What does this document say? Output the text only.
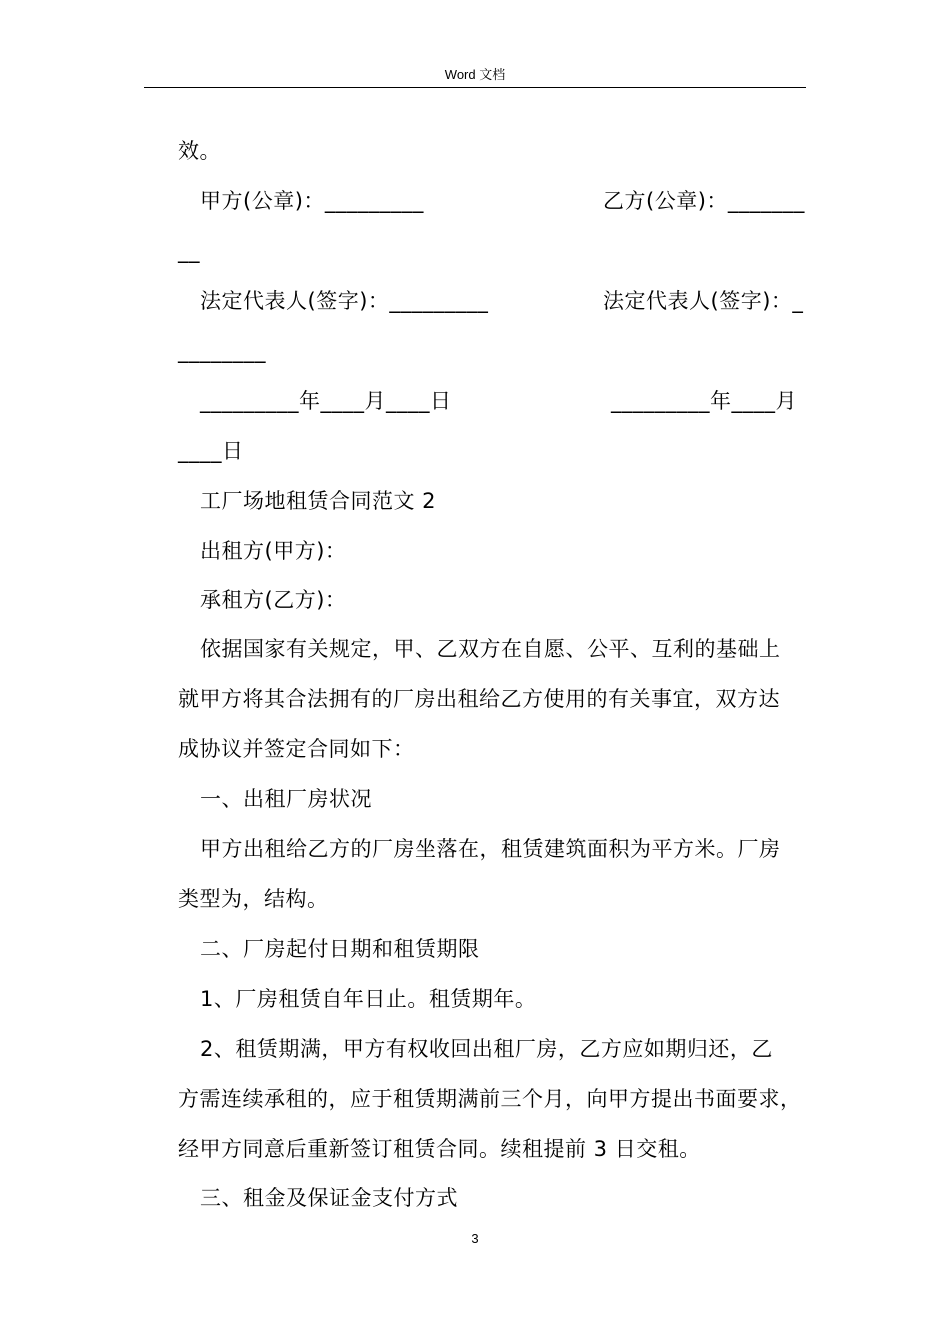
Word 文档
效。
甲方(公章)：_________	乙方(公章)：_______
__
法定代表人(签字)：_________	法定代表人(签字)：_
________
_________年____月____日	_________年____月
____日
工厂场地租赁合同范文 2
出租方(甲方)：
承租方(乙方)：
依据国家有关规定，甲、乙双方在自愿、公平、互利的基础上
就甲方将其合法拥有的厂房出租给乙方使用的有关事宜，双方达
成协议并签定合同如下：
一、出租厂房状况
甲方出租给乙方的厂房坐落在，租赁建筑面积为平方米。厂房
类型为，结构。
二、厂房起付日期和租赁期限
1、厂房租赁自年日止。租赁期年。
2、租赁期满，甲方有权收回出租厂房，乙方应如期归还，乙
方需连续承租的，应于租赁期满前三个月，向甲方提出书面要求，
经甲方同意后重新签订租赁合同。续租提前 3 日交租。
三、租金及保证金支付方式
3
